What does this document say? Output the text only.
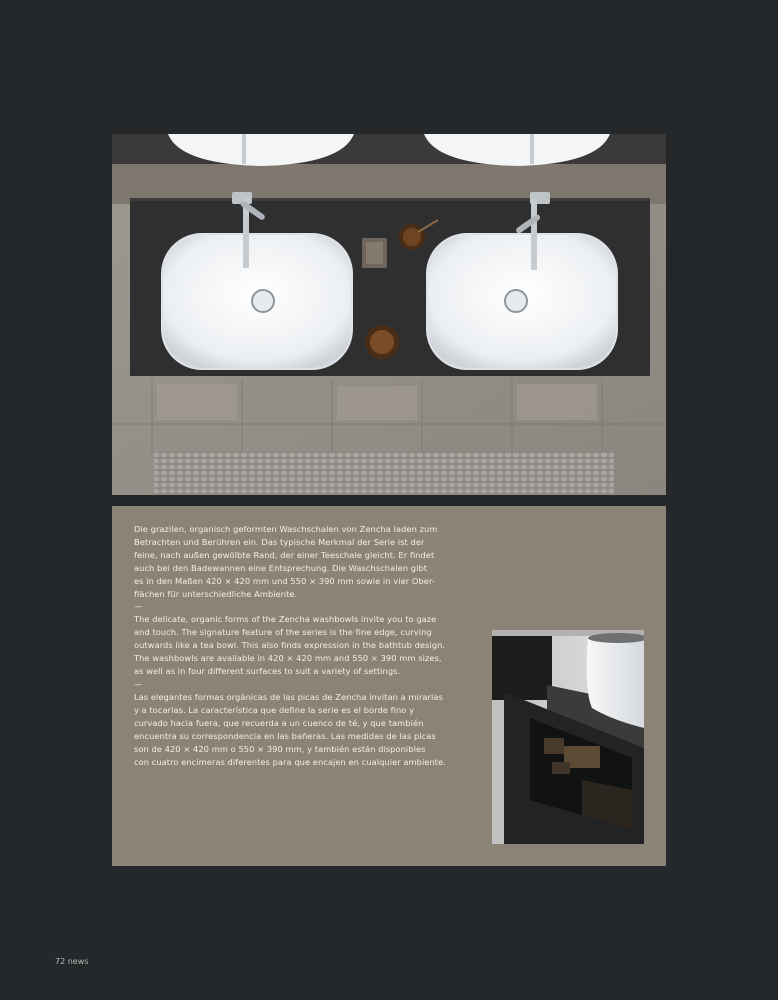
Die grazilen, organisch geformten Waschschalen von Zencha laden zum
Betrachten und Berühren ein. Das typische Merkmal der Serie ist der
feine, nach außen gewölbte Rand, der einer Teeschale gleicht. Er findet
auch bei den Badewannen eine Entsprechung. Die Waschschalen gibt
es in den Maßen 420 × 420 mm und 550 × 390 mm sowie in vier Ober-
flächen für unterschiedliche Ambiente.

—

The delicate, organic forms of the Zencha washbowls invite you to gaze
and touch. The signature feature of the series is the fine edge, curving
outwards like a tea bowl. This also finds expression in the bathtub design.
The washbowls are available in 420 × 420 mm and 550 × 390 mm sizes,
as well as in four different surfaces to suit a variety of settings.

—

Las elegantes formas orgánicas de las picas de Zencha invitan a mirarlas
y a tocarlas. La característica que define la serie es el borde fino y
curvado hacia fuera, que recuerda a un cuenco de té, y que también
encuentra su correspondencia en las bañeras. Las medidas de las picas
son de 420 × 420 mm o 550 × 390 mm, y también están disponibles
con cuatro encimeras diferentes para que encajen en cualquier ambiente.

72 news
